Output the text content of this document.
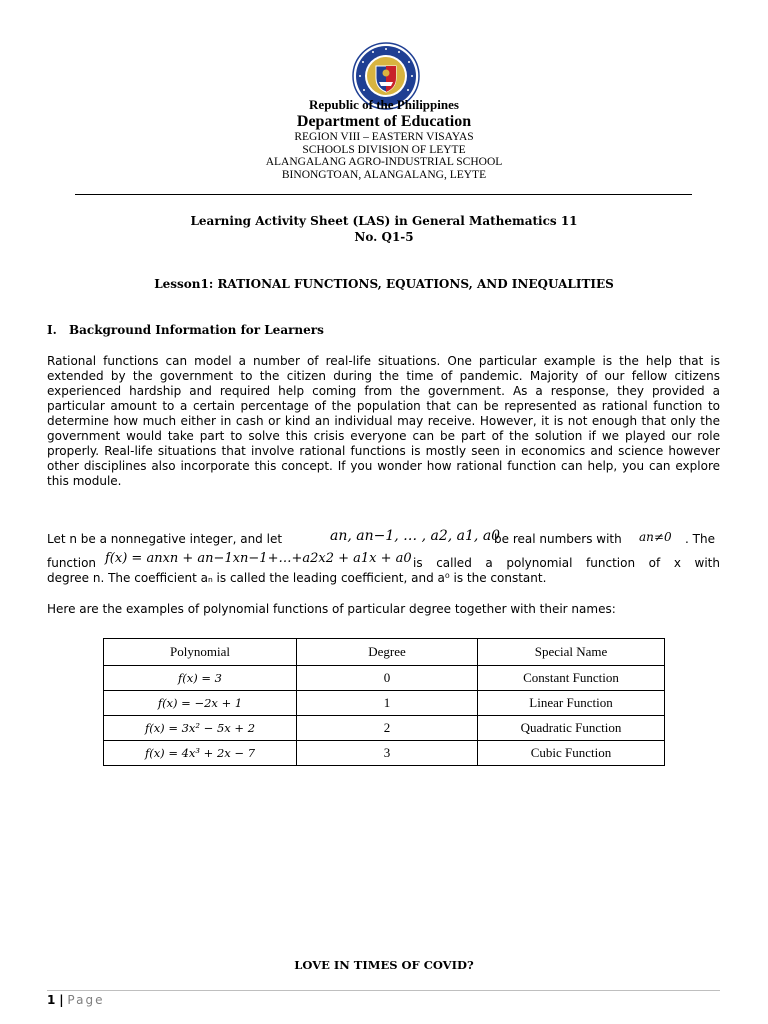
Republic of the Philippines
Department of Education
REGION VIII – EASTERN VISAYAS
SCHOOLS DIVISION OF LEYTE
ALANGALANG AGRO-INDUSTRIAL SCHOOL
BINONGTOAN, ALANGALANG, LEYTE
Learning Activity Sheet (LAS) in General Mathematics 11
No. Q1-5
Lesson1: RATIONAL FUNCTIONS, EQUATIONS, AND INEQUALITIES
I. Background Information for Learners
Rational functions can model a number of real-life situations. One particular example is the help that is extended by the government to the citizen during the time of pandemic. Majority of our fellow citizens experienced hardship and required help coming from the government. As a response, they provided a particular amount to a certain percentage of the population that can be represented as rational function to determine how much either in cash or kind an individual may receive. However, it is not enough that only the government would take part to solve this crisis everyone can be part of the solution if we played our role properly. Real-life situations that involve rational functions is mostly seen in economics and science however other disciplines also incorporate this concept. If you wonder how rational function can help, you can explore this module.
Let n be a nonnegative integer, and let	an, an−1, … , a2, a1, a0
be real numbers with an≠0 . The
function f(x) = anxn + an−1xn−1+…+a2x2 + a1x + a0 is called a polynomial function of x with
degree n. The coefficient aₙ is called the leading coefficient, and a⁰ is the constant.
Here are the examples of polynomial functions of particular degree together with their names:
Polynomial	Degree	Special Name
f(x) = 3	0	Constant Function
f(x) = −2x + 1	1	Linear Function
f(x) = 3x² − 5x + 2	2	Quadratic Function
f(x) = 4x³ + 2x − 7	3	Cubic Function
LOVE IN TIMES OF COVID?
1 | Page
